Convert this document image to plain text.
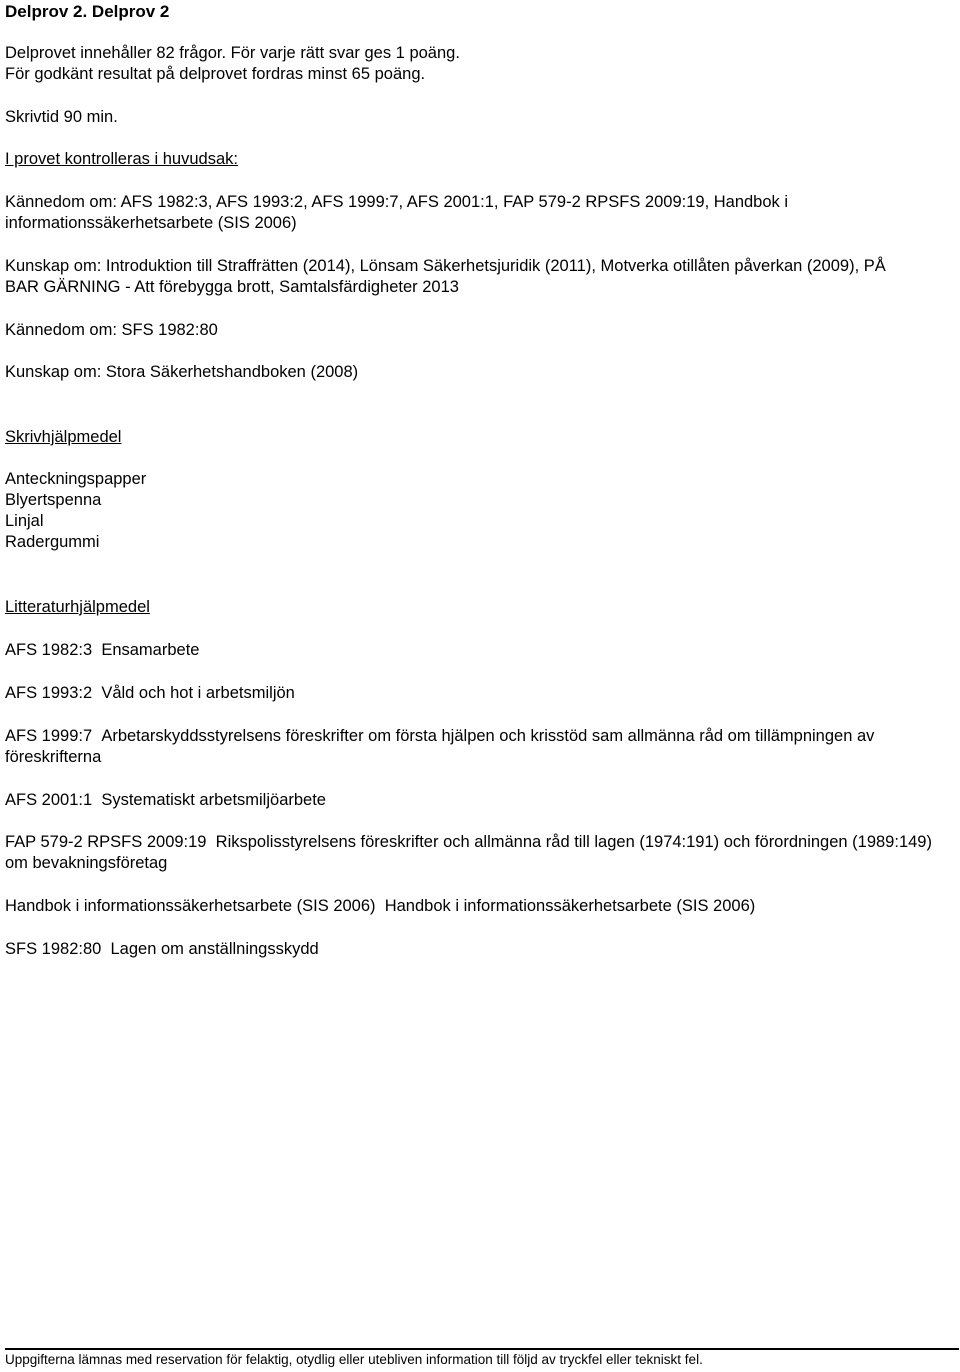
Delprov 2. Delprov 2
Delprovet innehåller 82 frågor. För varje rätt svar ges 1 poäng.
För godkänt resultat på delprovet fordras minst 65 poäng.
Skrivtid 90 min.
I provet kontrolleras i huvudsak:
Kännedom om: AFS 1982:3, AFS 1993:2, AFS 1999:7, AFS 2001:1, FAP 579-2 RPSFS 2009:19, Handbok i informationssäkerhetsarbete (SIS 2006)
Kunskap om: Introduktion till Straffrätten (2014), Lönsam Säkerhetsjuridik (2011), Motverka otillåten påverkan (2009), PÅ BAR GÄRNING - Att förebygga brott, Samtalsfärdigheter 2013
Kännedom om: SFS 1982:80
Kunskap om: Stora Säkerhetshandboken (2008)
Skrivhjälpmedel
Anteckningspapper
Blyertspenna
Linjal
Radergummi
Litteraturhjälpmedel
AFS 1982:3 Ensamarbete
AFS 1993:2 Våld och hot i arbetsmiljön
AFS 1999:7 Arbetarskyddsstyrelsens föreskrifter om första hjälpen och krisstöd sam allmänna råd om tillämpningen av föreskrifterna
AFS 2001:1 Systematiskt arbetsmiljöarbete
FAP 579-2 RPSFS 2009:19 Rikspolisstyrelsens föreskrifter och allmänna råd till lagen (1974:191) och förordningen (1989:149) om bevakningsföretag
Handbok i informationssäkerhetsarbete (SIS 2006) Handbok i informationssäkerhetsarbete (SIS 2006)
SFS 1982:80 Lagen om anställningsskydd
Uppgifterna lämnas med reservation för felaktig, otydlig eller utebliven information till följd av tryckfel eller tekniskt fel.
